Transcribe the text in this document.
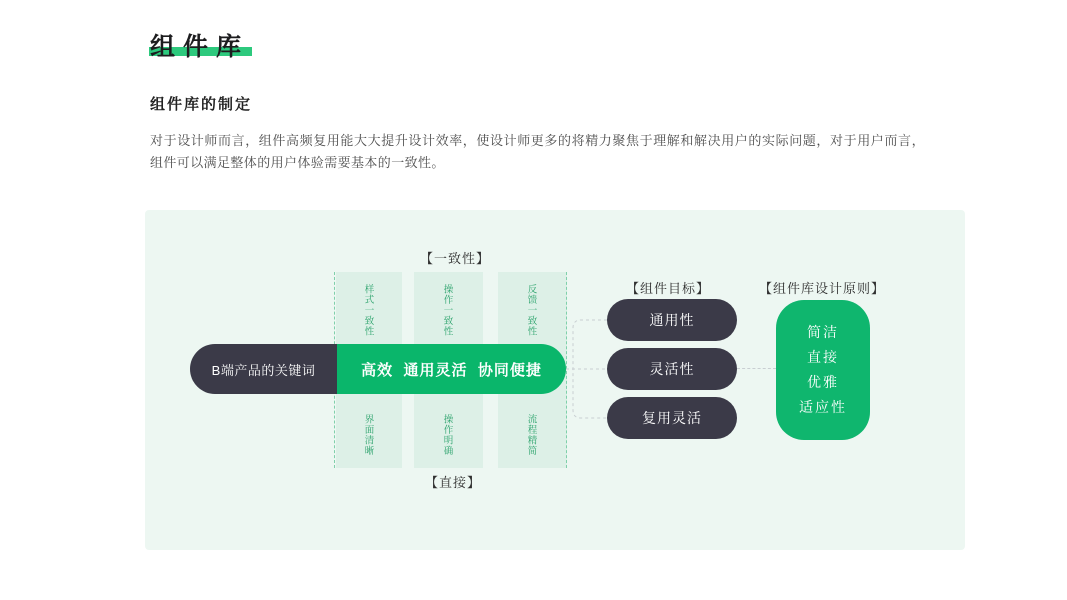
组件库
组件库的制定

对于设计师而言，组件高频复用能大大提升设计效率，使设计师更多的将精力聚焦于理解和解决用户的实际问题，对于用户而言，组件可以满足整体的用户体验需要基本的一致性。

【一致性】
样式一致性	操作一致性	反馈一致性
界面清晰	操作明确	流程精简
B端产品的关键词	高效  通用灵活  协同便捷
【直接】
【组件目标】
通用性
灵活性
复用灵活
【组件库设计原则】
简洁
直接
优雅
适应性
